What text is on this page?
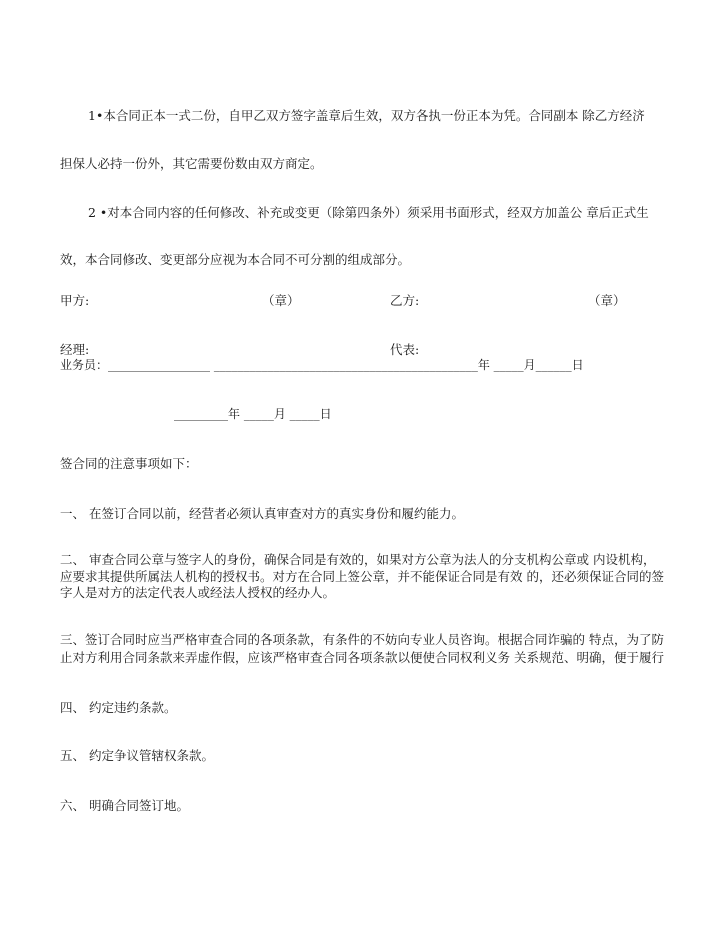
1•本合同正本一式二份，自甲乙双方签字盖章后生效，双方各执一份正本为凭。合同副本 除乙方经济
担保人必持一份外，其它需要份数由双方商定。
2 •对本合同内容的任何修改、补充或变更（除第四条外）须采用书面形式，经双方加盖公 章后正式生
效，本合同修改、变更部分应视为本合同不可分割的组成部分。
甲方:	（章）	乙方:	（章）
经理:	代表:
业务员：_________________ ____________________________________________年 _____月______日
_________年 _____月 _____日
签合同的注意事项如下：
一、 在签订合同以前，经营者必须认真审查对方的真实身份和履约能力。
二、 审查合同公章与签字人的身份，确保合同是有效的，如果对方公章为法人的分支机构公章或 内设机构，
应要求其提供所属法人机构的授权书。对方在合同上签公章，并不能保证合同是有效 的，还必须保证合同的签
字人是对方的法定代表人或经法人授权的经办人。
三、签订合同时应当严格审查合同的各项条款，有条件的不妨向专业人员咨询。根据合同诈骗的 特点，为了防
止对方利用合同条款来弄虚作假，应该严格审查合同各项条款以便使合同权利义务 关系规范、明确，便于履行
四、 约定违约条款。
五、 约定争议管辖权条款。
六、 明确合同签订地。
